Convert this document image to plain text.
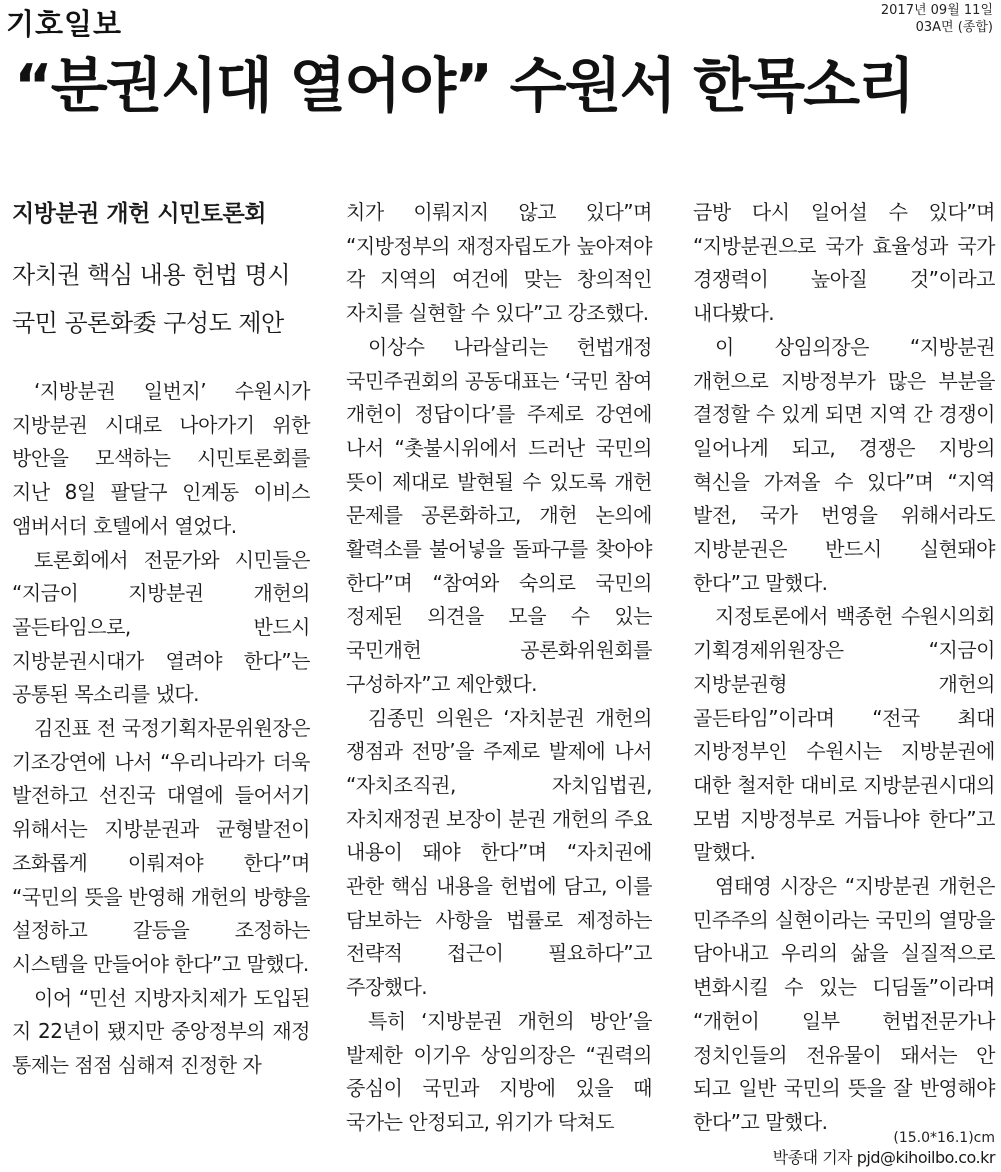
기호일보	2017년 09월 11일
03A면 (종합)
“분권시대 열어야” 수원서 한목소리
지방분권 개헌 시민토론회
자치권 핵심 내용 헌법 명시
국민 공론화委 구성도 제안

‘지방분권 일번지’ 수원시가 지방분권 시대로 나아가기 위한 방안을 모색하는 시민토론회를 지난 8일 팔달구 인계동 이비스 앰버서더 호텔에서 열었다.

토론회에서 전문가와 시민들은 “지금이 지방분권 개헌의 골든타임으로, 반드시 지방분권시대가 열려야 한다”는 공통된 목소리를 냈다.

김진표 전 국정기획자문위원장은 기조강연에 나서 “우리나라가 더욱 발전하고 선진국 대열에 들어서기 위해서는 지방분권과 균형발전이 조화롭게 이뤄져야 한다”며 “국민의 뜻을 반영해 개헌의 방향을 설정하고 갈등을 조정하는 시스템을 만들어야 한다”고 말했다.

이어 “민선 지방자치제가 도입된 지 22년이 됐지만 중앙정부의 재정 통제는 점점 심해져 진정한 자

치가 이뤄지지 않고 있다”며 “지방정부의 재정자립도가 높아져야 각 지역의 여건에 맞는 창의적인 자치를 실현할 수 있다”고 강조했다.

이상수 나라살리는 헌법개정 국민주권회의 공동대표는 ‘국민 참여 개헌이 정답이다’를 주제로 강연에 나서 “촛불시위에서 드러난 국민의 뜻이 제대로 발현될 수 있도록 개헌 문제를 공론화하고, 개헌 논의에 활력소를 불어넣을 돌파구를 찾아야 한다”며 “참여와 숙의로 국민의 정제된 의견을 모을 수 있는 국민개헌 공론화위원회를 구성하자”고 제안했다.

김종민 의원은 ‘자치분권 개헌의 쟁점과 전망’을 주제로 발제에 나서 “자치조직권, 자치입법권, 자치재정권 보장이 분권 개헌의 주요 내용이 돼야 한다”며 “자치권에 관한 핵심 내용을 헌법에 담고, 이를 담보하는 사항을 법률로 제정하는 전략적 접근이 필요하다”고 주장했다.

특히 ‘지방분권 개헌의 방안’을 발제한 이기우 상임의장은 “권력의 중심이 국민과 지방에 있을 때 국가는 안정되고, 위기가 닥쳐도

금방 다시 일어설 수 있다”며 “지방분권으로 국가 효율성과 국가 경쟁력이 높아질 것”이라고 내다봤다.

이 상임의장은 “지방분권 개헌으로 지방정부가 많은 부분을 결정할 수 있게 되면 지역 간 경쟁이 일어나게 되고, 경쟁은 지방의 혁신을 가져올 수 있다”며 “지역 발전, 국가 번영을 위해서라도 지방분권은 반드시 실현돼야 한다”고 말했다.

지정토론에서 백종헌 수원시의회 기획경제위원장은 “지금이 지방분권형 개헌의 골든타임”이라며 “전국 최대 지방정부인 수원시는 지방분권에 대한 철저한 대비로 지방분권시대의 모범 지방정부로 거듭나야 한다”고 말했다.

염태영 시장은 “지방분권 개헌은 민주주의 실현이라는 국민의 열망을 담아내고 우리의 삶을 실질적으로 변화시킬 수 있는 디딤돌”이라며 “개헌이 일부 헌법전문가나 정치인들의 전유물이 돼서는 안 되고 일반 국민의 뜻을 잘 반영해야 한다”고 말했다.

박종대 기자 pjd@kihoilbo.co.kr
(15.0*16.1)cm
